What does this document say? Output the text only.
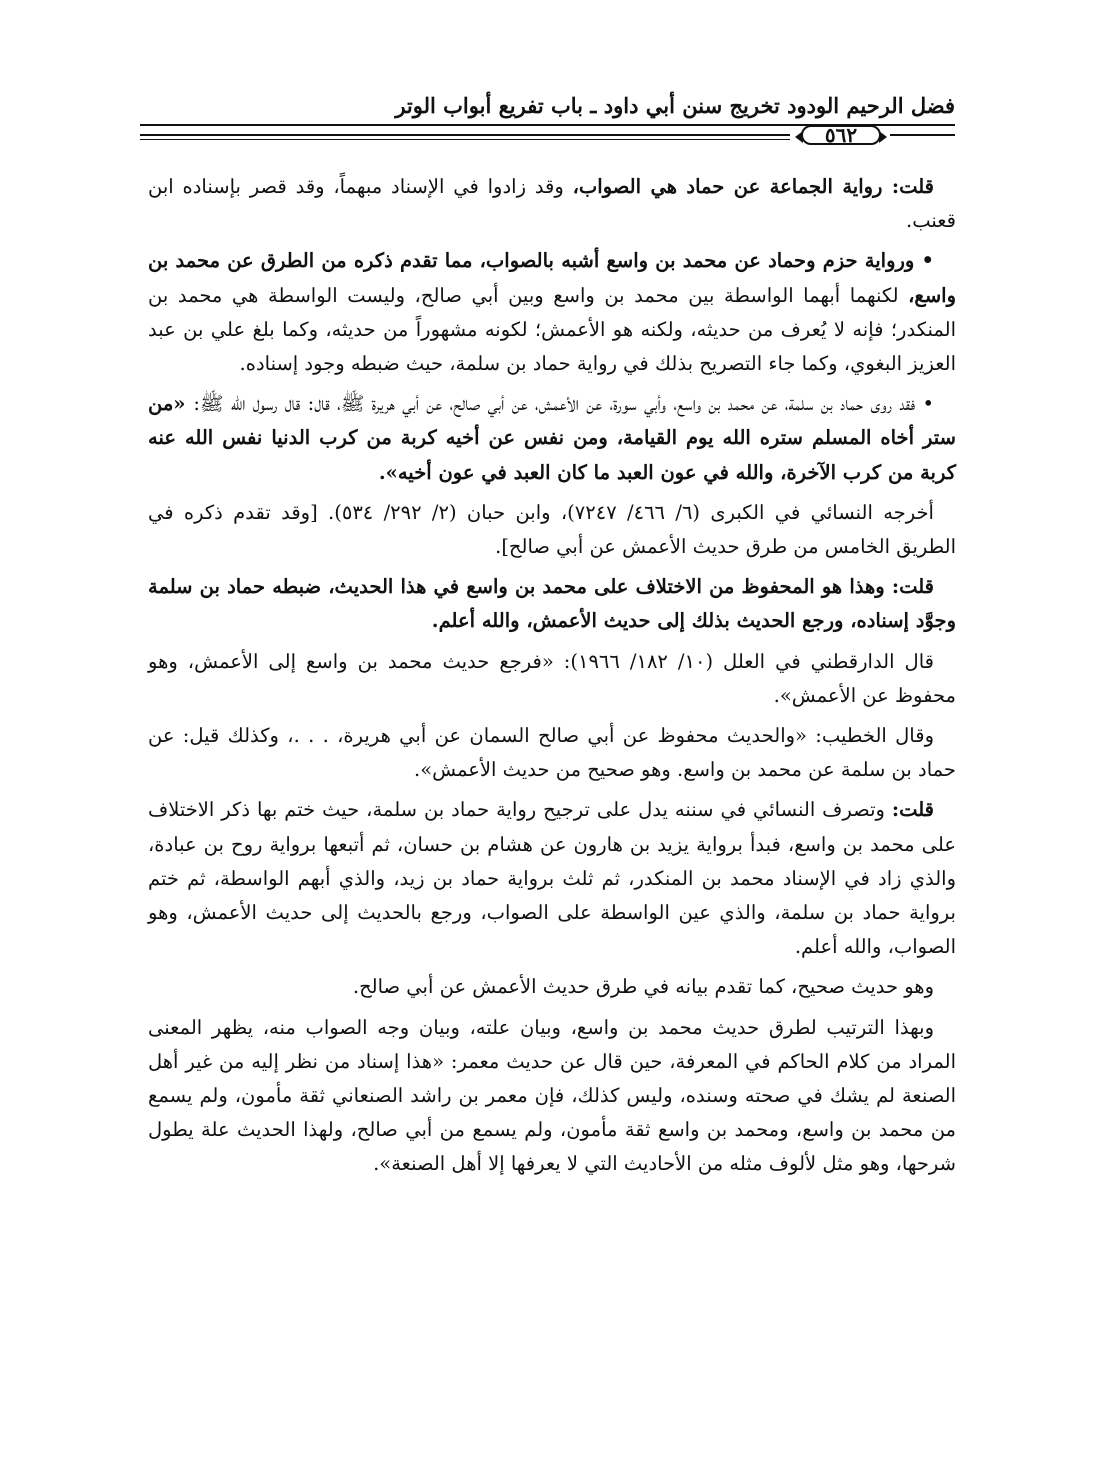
فضل الرحيم الودود تخريج سنن أبي داود ـ باب تفريع أبواب الوتر
٥٦٢

قلت: رواية الجماعة عن حماد هي الصواب، وقد زادوا في الإسناد مبهماً، وقد قصر بإسناده ابن قعنب.

• ورواية حزم وحماد عن محمد بن واسع أشبه بالصواب، مما تقدم ذكره من الطرق عن محمد بن واسع، لكنهما أبهما الواسطة بين محمد بن واسع وبين أبي صالح، وليست الواسطة هي محمد بن المنكدر؛ فإنه لا يُعرف من حديثه، ولكنه هو الأعمش؛ لكونه مشهوراً من حديثه، وكما بلغ علي بن عبد العزيز البغوي، وكما جاء التصريح بذلك في رواية حماد بن سلمة، حيث ضبطه وجود إسناده.

• فقد روى حماد بن سلمة، عن محمد بن واسع، وأبي سورة، عن الأعمش، عن أبي صالح، عن أبي هريرة ﷺ، قال: قال رسول الله ﷺ: «من ستر أخاه المسلم ستره الله يوم القيامة، ومن نفس عن أخيه كربة من كرب الدنيا نفس الله عنه كربة من كرب الآخرة، والله في عون العبد ما كان العبد في عون أخيه».

أخرجه النسائي في الكبرى (٦/ ٤٦٦/ ٧٢٤٧)، وابن حبان (٢/ ٢٩٢/ ٥٣٤). [وقد تقدم ذكره في الطريق الخامس من طرق حديث الأعمش عن أبي صالح].

قلت: وهذا هو المحفوظ من الاختلاف على محمد بن واسع في هذا الحديث، ضبطه حماد بن سلمة وجوَّد إسناده، ورجع الحديث بذلك إلى حديث الأعمش، والله أعلم.

قال الدارقطني في العلل (١٠/ ١٨٢/ ١٩٦٦): «فرجع حديث محمد بن واسع إلى الأعمش، وهو محفوظ عن الأعمش».

وقال الخطيب: «والحديث محفوظ عن أبي صالح السمان عن أبي هريرة، . . .، وكذلك قيل: عن حماد بن سلمة عن محمد بن واسع. وهو صحيح من حديث الأعمش».

قلت: وتصرف النسائي في سننه يدل على ترجيح رواية حماد بن سلمة، حيث ختم بها ذكر الاختلاف على محمد بن واسع، فبدأ برواية يزيد بن هارون عن هشام بن حسان، ثم أتبعها برواية روح بن عبادة، والذي زاد في الإسناد محمد بن المنكدر، ثم ثلث برواية حماد بن زيد، والذي أبهم الواسطة، ثم ختم برواية حماد بن سلمة، والذي عين الواسطة على الصواب، ورجع بالحديث إلى حديث الأعمش، وهو الصواب، والله أعلم.

وهو حديث صحيح، كما تقدم بيانه في طرق حديث الأعمش عن أبي صالح.

وبهذا الترتيب لطرق حديث محمد بن واسع، وبيان علته، وبيان وجه الصواب منه، يظهر المعنى المراد من كلام الحاكم في المعرفة، حين قال عن حديث معمر: «هذا إسناد من نظر إليه من غير أهل الصنعة لم يشك في صحته وسنده، وليس كذلك، فإن معمر بن راشد الصنعاني ثقة مأمون، ولم يسمع من محمد بن واسع، ومحمد بن واسع ثقة مأمون، ولم يسمع من أبي صالح، ولهذا الحديث علة يطول شرحها، وهو مثل لألوف مثله من الأحاديث التي لا يعرفها إلا أهل الصنعة».
